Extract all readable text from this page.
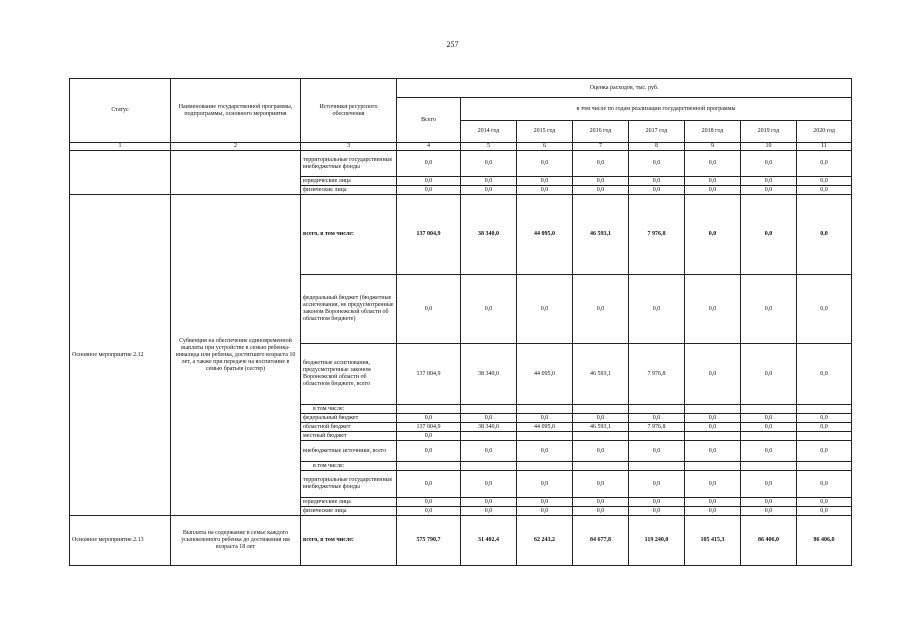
257
Статус	Наименование государственной программы, подпрограммы, основного мероприятия	Источники ресурсного обеспечения	Оценка расходов, тыс. руб.							
			Всего	в том числе по годам реализации государственной программы						
				2014 год	2015 год	2016 год	2017 год	2018 год	2019 год	2020 год
1	2	3	4	5	6	7	8	9	10	11
		территориальные государственные внебюджетные фонды	0,0	0,0	0,0	0,0	0,0	0,0	0,0	0,0
		юридические лица	0,0	0,0	0,0	0,0	0,0	0,0	0,0	0,0
		физические лица	0,0	0,0	0,0	0,0	0,0	0,0	0,0	0,0
Основное мероприятие 2.12	Субвенция на обеспечение единовременной выплаты при устройстве в семью ребенка-инвалида или ребенка, достигшего возраста 10 лет, а также при передаче на воспитание в семью братьев (сестер)	всего, в том числе:	137 004,9	38 340,0	44 095,0	46 593,1	7 976,8	0,0	0,0	0,0
		федеральный бюджет (бюджетные ассигнования, не предусмотренные законом Воронежской области об областном бюджете)	0,0	0,0	0,0	0,0	0,0	0,0	0,0	0,0
		бюджетные ассигнования, предусмотренные законом Воронежской области об областном бюджете, всего	137 004,9	38 340,0	44 095,0	46 593,1	7 976,8	0,0	0,0	0,0
		в том числе:								
		федеральный бюджет	0,0	0,0	0,0	0,0	0,0	0,0	0,0	0,0
		областной бюджет	137 004,9	38 340,0	44 095,0	46 593,1	7 976,8	0,0	0,0	0,0
		местный бюджет	0,0							
		внебюджетные источники, всего	0,0	0,0	0,0	0,0	0,0	0,0	0,0	0,0
		в том числе:								
		территориальные государственные внебюджетные фонды	0,0	0,0	0,0	0,0	0,0	0,0	0,0	0,0
		юридические лица	0,0	0,0	0,0	0,0	0,0	0,0	0,0	0,0
		физические лица	0,0	0,0	0,0	0,0	0,0	0,0	0,0	0,0
Основное мероприятие 2.13	Выплаты на содержание в семье каждого усыновленного ребенка до достижения им возраста 18 лет	всего, в том числе:	575 790,7	31 402,4	62 243,2	84 677,8	119 240,0	105 415,3	86 406,0	86 406,0
